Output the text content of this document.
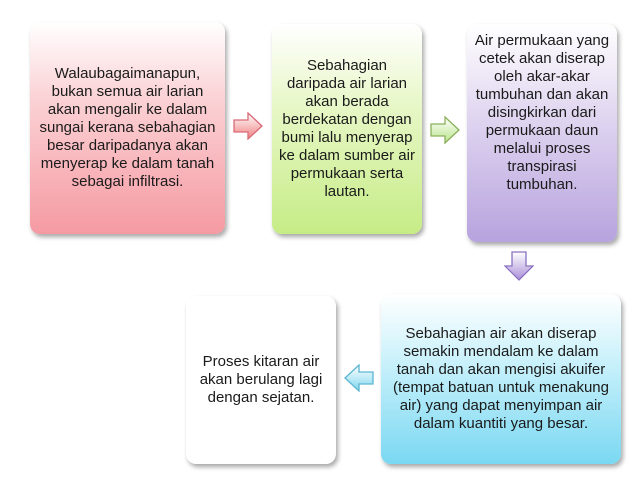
Walaubagaimanapun, bukan semua air larian akan mengalir ke dalam sungai kerana sebahagian besar daripadanya akan menyerap ke dalam tanah sebagai infiltrasi.
Sebahagian daripada air larian akan berada berdekatan dengan bumi lalu menyerap ke dalam sumber air permukaan serta lautan.
Air permukaan yang cetek akan diserap oleh akar-akar tumbuhan dan akan disingkirkan dari permukaan daun melalui proses transpirasi tumbuhan.
Sebahagian air akan diserap semakin mendalam ke dalam tanah dan akan mengisi akuifer (tempat batuan untuk menakung air) yang dapat menyimpan air dalam kuantiti yang besar.
Proses kitaran air akan berulang lagi dengan sejatan.
